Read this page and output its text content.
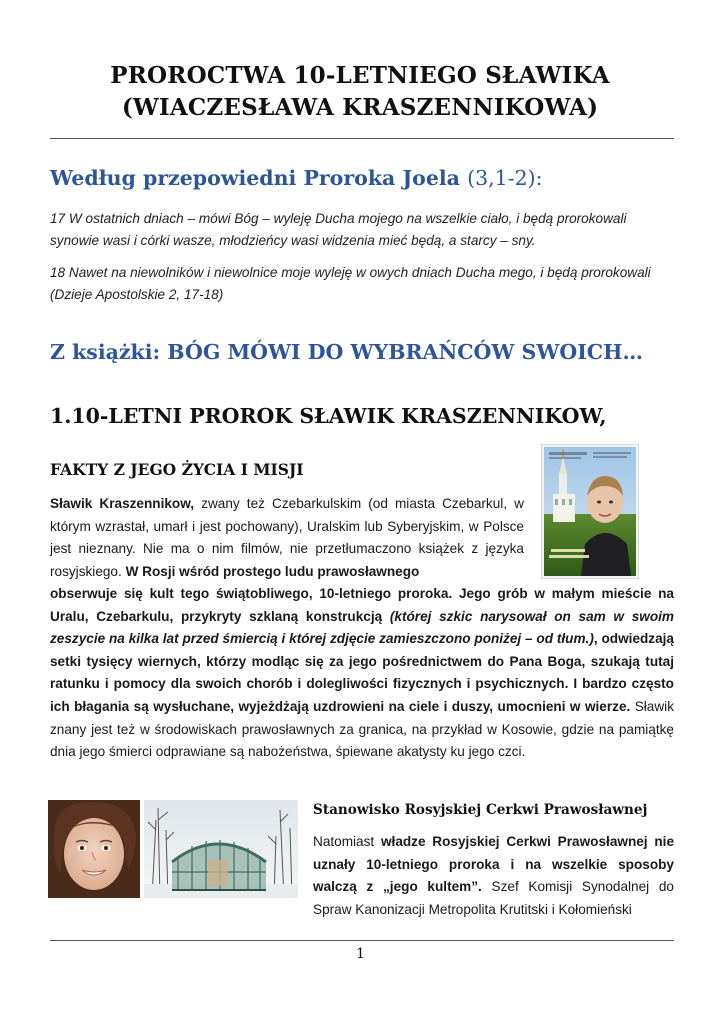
PROROCTWA 10-LETNIEGO SŁAWIKA
(WIACZESŁAWA KRASZENNIKOWA)
Według przepowiedni Proroka Joela (3,1-2):
17 W ostatnich dniach – mówi Bóg – wyleję Ducha mojego na wszelkie ciało, i będą prorokowali synowie wasi i córki wasze, młodzieńcy wasi widzenia mieć będą, a starcy – sny.
18 Nawet na niewolników i niewolnice moje wyleję w owych dniach Ducha mego, i będą prorokowali (Dzieje Apostolskie 2, 17-18)
Z książki: BÓG MÓWI DO WYBRAŃCÓW SWOICH…
1.10-LETNI PROROK SŁAWIK KRASZENNIKOW,
FAKTY Z JEGO ŻYCIA I MISJI
Sławik Kraszennikow, zwany też Czebarkulskim (od miasta Czebarkul, w którym wzrastał, umarł i jest pochowany), Uralskim lub Syberyjskim, w Polsce jest nieznany. Nie ma o nim filmów, nie przetłumaczono książek z języka rosyjskiego. W Rosji wśród prostego ludu prawosławnego
obserwuje się kult tego świątobliwego, 10-letniego proroka. Jego grób w małym mieście na Uralu, Czebarkulu, przykryty szklaną konstrukcją (której szkic narysował on sam w swoim zeszycie na kilka lat przed śmiercią i której zdjęcie zamieszczono poniżej – od tłum.), odwiedzają setki tysięcy wiernych, którzy modląc się za jego pośrednictwem do Pana Boga, szukają tutaj ratunku i pomocy dla swoich chorób i dolegliwości fizycznych i psychicznych. I bardzo często ich błagania są wysłuchane, wyjeżdżają uzdrowieni na ciele i duszy, umocnieni w wierze. Sławik znany jest też w środowiskach prawosławnych za granica, na przykład w Kosowie, gdzie na pamiątkę dnia jego śmierci odprawiane są nabożeństwa, śpiewane akatysty ku jego czci.
Stanowisko Rosyjskiej Cerkwi Prawosławnej
Natomiast władze Rosyjskiej Cerkwi Prawosławnej nie uznały 10-letniego proroka i na wszelkie sposoby walczą z „jego kultem”. Szef Komisji Synodalnej do Spraw Kanonizacji Metropolita Krutitski i Kołomieński
1
